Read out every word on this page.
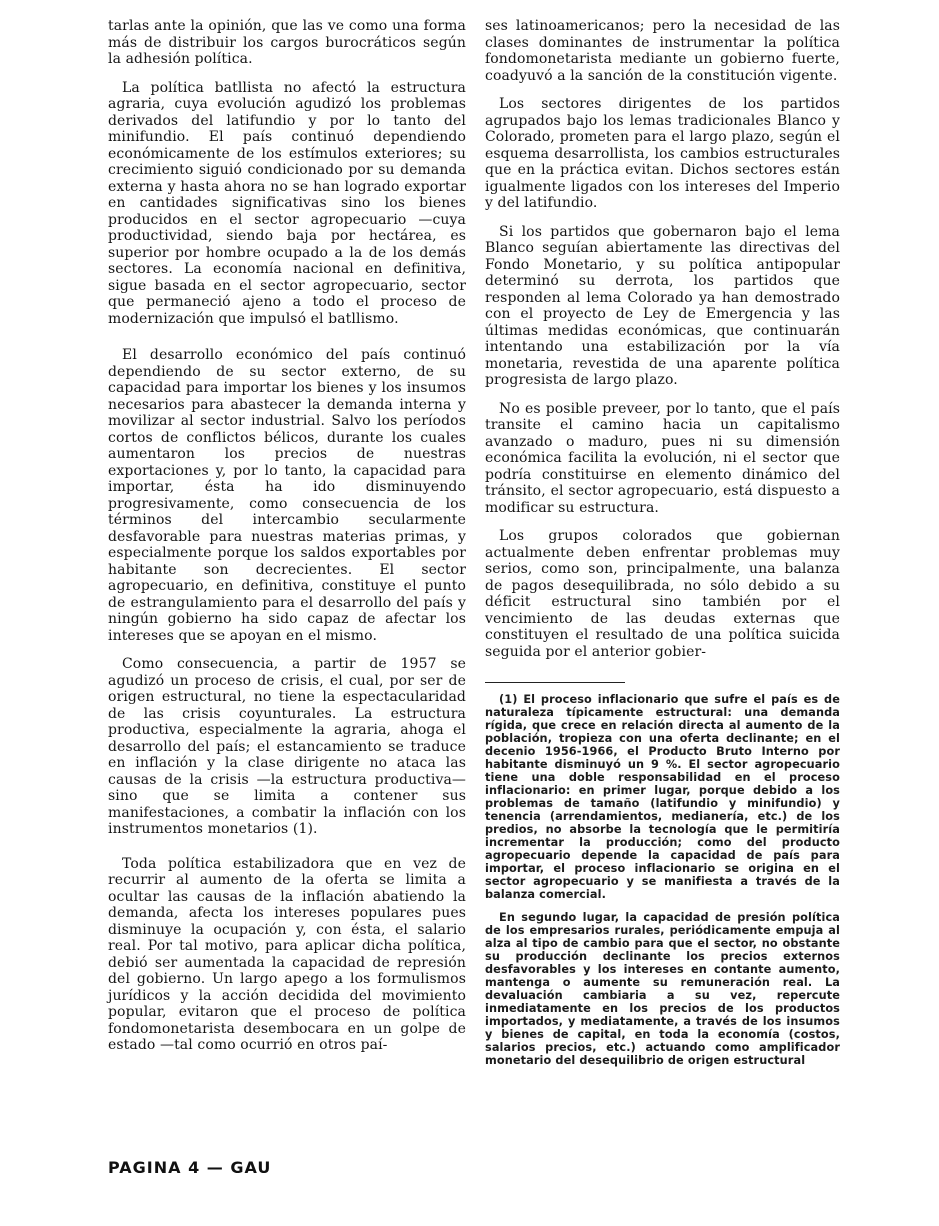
tarlas ante la opinión, que las ve como una forma más de distribuir los cargos burocráticos según la adhesión política.

La política batllista no afectó la estructura agraria, cuya evolución agudizó los problemas derivados del latifundio y por lo tanto del minifundio. El país continuó dependiendo económicamente de los estímulos exteriores; su crecimiento siguió condicionado por su demanda externa y hasta ahora no se han logrado exportar en cantidades significativas sino los bienes producidos en el sector agropecuario —cuya productividad, siendo baja por hectárea, es superior por hombre ocupado a la de los demás sectores. La economía nacional en definitiva, sigue basada en el sector agropecuario, sector que permaneció ajeno a todo el proceso de modernización que impulsó el batllismo.

El desarrollo económico del país continuó dependiendo de su sector externo, de su capacidad para importar los bienes y los insumos necesarios para abastecer la demanda interna y movilizar al sector industrial. Salvo los períodos cortos de conflictos bélicos, durante los cuales aumentaron los precios de nuestras exportaciones y, por lo tanto, la capacidad para importar, ésta ha ido disminuyendo progresivamente, como consecuencia de los términos del intercambio secularmente desfavorable para nuestras materias primas, y especialmente porque los saldos exportables por habitante son decrecientes. El sector agropecuario, en definitiva, constituye el punto de estrangulamiento para el desarrollo del país y ningún gobierno ha sido capaz de afectar los intereses que se apoyan en el mismo.

Como consecuencia, a partir de 1957 se agudizó un proceso de crisis, el cual, por ser de origen estructural, no tiene la espectacularidad de las crisis coyunturales. La estructura productiva, especialmente la agraria, ahoga el desarrollo del país; el estancamiento se traduce en inflación y la clase dirigente no ataca las causas de la crisis —la estructura productiva— sino que se limita a contener sus manifestaciones, a combatir la inflación con los instrumentos monetarios (1).

Toda política estabilizadora que en vez de recurrir al aumento de la oferta se limita a ocultar las causas de la inflación abatiendo la demanda, afecta los intereses populares pues disminuye la ocupación y, con ésta, el salario real. Por tal motivo, para aplicar dicha política, debió ser aumentada la capacidad de represión del gobierno. Un largo apego a los formulismos jurídicos y la acción decidida del movimiento popular, evitaron que el proceso de política fondomonetarista desembocara en un golpe de estado —tal como ocurrió en otros paí-

ses latinoamericanos; pero la necesidad de las clases dominantes de instrumentar la política fondomonetarista mediante un gobierno fuerte, coadyuvó a la sanción de la constitución vigente.

Los sectores dirigentes de los partidos agrupados bajo los lemas tradicionales Blanco y Colorado, prometen para el largo plazo, según el esquema desarrollista, los cambios estructurales que en la práctica evitan. Dichos sectores están igualmente ligados con los intereses del Imperio y del latifundio.

Si los partidos que gobernaron bajo el lema Blanco seguían abiertamente las directivas del Fondo Monetario, y su política antipopular determinó su derrota, los partidos que responden al lema Colorado ya han demostrado con el proyecto de Ley de Emergencia y las últimas medidas económicas, que continuarán intentando una estabilización por la vía monetaria, revestida de una aparente política progresista de largo plazo.

No es posible preveer, por lo tanto, que el país transite el camino hacia un capitalismo avanzado o maduro, pues ni su dimensión económica facilita la evolución, ni el sector que podría constituirse en elemento dinámico del tránsito, el sector agropecuario, está dispuesto a modificar su estructura.

Los grupos colorados que gobiernan actualmente deben enfrentar problemas muy serios, como son, principalmente, una balanza de pagos desequilibrada, no sólo debido a su déficit estructural sino también por el vencimiento de las deudas externas que constituyen el resultado de una política suicida seguida por el anterior gobier-

(1) El proceso inflacionario que sufre el país es de naturaleza típicamente estructural: una demanda rígida, que crece en relación directa al aumento de la población, tropieza con una oferta declinante; en el decenio 1956-1966, el Producto Bruto Interno por habitante disminuyó un 9 %. El sector agropecuario tiene una doble responsabilidad en el proceso inflacionario: en primer lugar, porque debido a los problemas de tamaño (latifundio y minifundio) y tenencia (arrendamientos, medianería, etc.) de los predios, no absorbe la tecnología que le permitiría incrementar la producción; como del producto agropecuario depende la capacidad de país para importar, el proceso inflacionario se origina en el sector agropecuario y se manifiesta a través de la balanza comercial.

En segundo lugar, la capacidad de presión política de los empresarios rurales, periódicamente empuja al alza al tipo de cambio para que el sector, no obstante su producción declinante los precios externos desfavorables y los intereses en contante aumento, mantenga o aumente su remuneración real. La devaluación cambiaria a su vez, repercute inmediatamente en los precios de los productos importados, y mediatamente, a través de los insumos y bienes de capital, en toda la economía (costos, salarios precios, etc.) actuando como amplificador monetario del desequilibrio de origen estructural

PAGINA 4 — GAU
